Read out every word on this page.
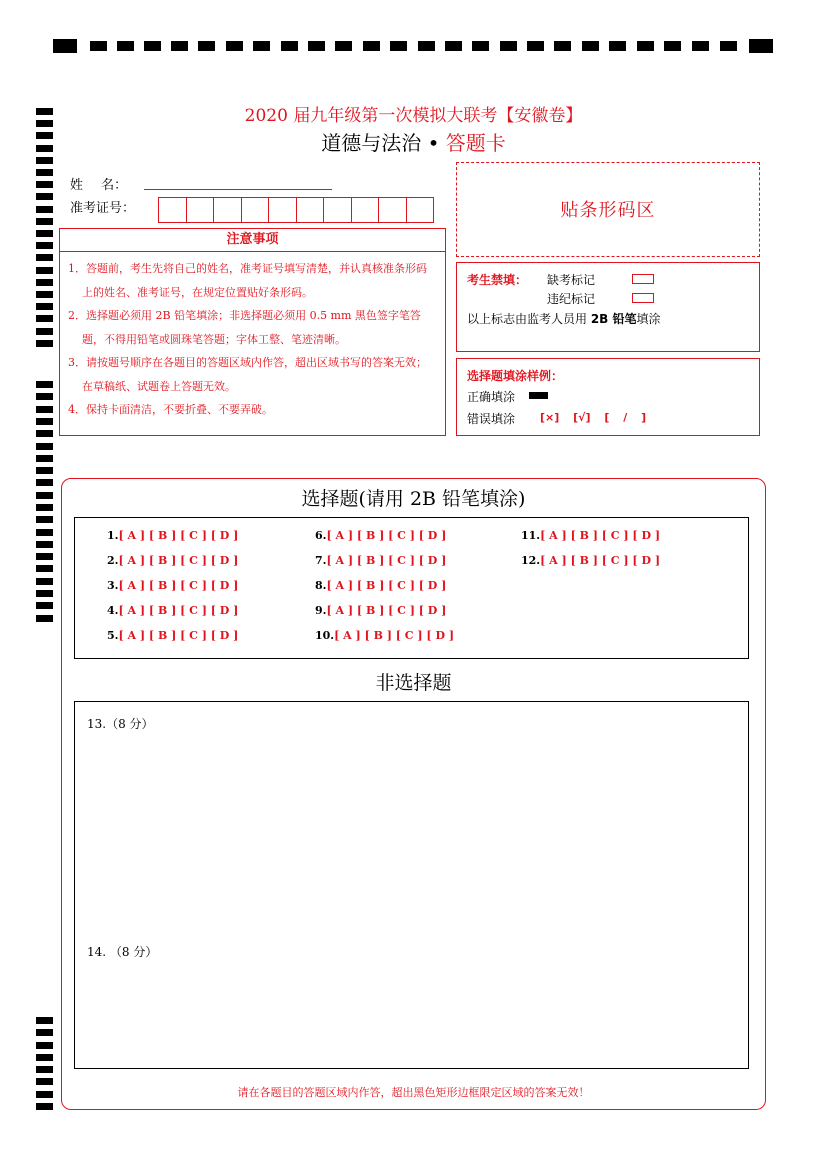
2020 届九年级第一次模拟大联考【安徽卷】
道德与法治 • 答题卡
姓 名：
准考证号：	贴条形码区
注意事项
1．答题前，考生先将自己的姓名，准考证号填写清楚，并认真核准条形码上的姓名、准考证号，在规定位置贴好条形码。
2．选择题必须用 2B 铅笔填涂；非选择题必须用 0.5 mm 黑色签字笔答题，不得用铅笔或圆珠笔答题；字体工整、笔迹清晰。
3．请按题号顺序在各题目的答题区域内作答，超出区域书写的答案无效；在草稿纸、试题卷上答题无效。
4．保持卡面清洁，不要折叠、不要弄破。
考生禁填： 缺考标记
违纪标记
以上标志由监考人员用 2B 铅笔填涂
选择题填涂样例：
正确填涂
错误填涂 [×] [√] [ / ]
选择题(请用 2B 铅笔填涂)
1.[ A ] [ B ] [ C ] [ D ]
2.[ A ] [ B ] [ C ] [ D ]
3.[ A ] [ B ] [ C ] [ D ]
4.[ A ] [ B ] [ C ] [ D ]
5.[ A ] [ B ] [ C ] [ D ]
6.[ A ] [ B ] [ C ] [ D ]
7.[ A ] [ B ] [ C ] [ D ]
8.[ A ] [ B ] [ C ] [ D ]
9.[ A ] [ B ] [ C ] [ D ]
10.[ A ] [ B ] [ C ] [ D ]
11.[ A ] [ B ] [ C ] [ D ]
12.[ A ] [ B ] [ C ] [ D ]
非选择题
13.（8 分）
14. （8 分）
请在各题目的答题区域内作答，超出黑色矩形边框限定区域的答案无效！
